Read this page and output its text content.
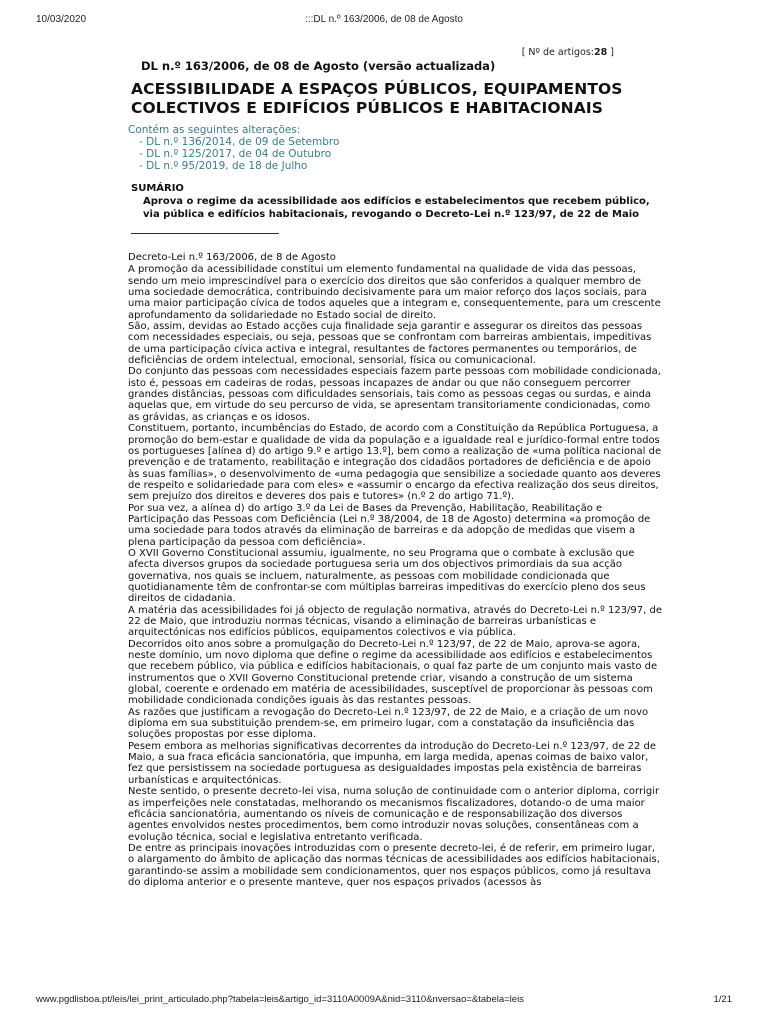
10/03/2020	:::DL n.º 163/2006, de 08 de Agosto
[ Nº de artigos:28 ]
DL n.º 163/2006, de 08 de Agosto (versão actualizada)
ACESSIBILIDADE A ESPAÇOS PÚBLICOS, EQUIPAMENTOS COLECTIVOS E EDIFÍCIOS PÚBLICOS E HABITACIONAIS
Contém as seguintes alterações:
- DL n.º 136/2014, de 09 de Setembro
- DL n.º 125/2017, de 04 de Outubro
- DL n.º 95/2019, de 18 de Julho
SUMÁRIO
Aprova o regime da acessibilidade aos edifícios e estabelecimentos que recebem público, via pública e edifícios habitacionais, revogando o Decreto-Lei n.º 123/97, de 22 de Maio

Decreto-Lei n.º 163/2006, de 8 de Agosto

A promoção da acessibilidade constitui um elemento fundamental na qualidade de vida das pessoas, sendo um meio imprescindível para o exercício dos direitos que são conferidos a qualquer membro de uma sociedade democrática, contribuindo decisivamente para um maior reforço dos laços sociais, para uma maior participação cívica de todos aqueles que a integram e, consequentemente, para um crescente aprofundamento da solidariedade no Estado social de direito.

São, assim, devidas ao Estado acções cuja finalidade seja garantir e assegurar os direitos das pessoas com necessidades especiais, ou seja, pessoas que se confrontam com barreiras ambientais, impeditivas de uma participação cívica activa e integral, resultantes de factores permanentes ou temporários, de deficiências de ordem intelectual, emocional, sensorial, física ou comunicacional.

Do conjunto das pessoas com necessidades especiais fazem parte pessoas com mobilidade condicionada, isto é, pessoas em cadeiras de rodas, pessoas incapazes de andar ou que não conseguem percorrer grandes distâncias, pessoas com dificuldades sensoriais, tais como as pessoas cegas ou surdas, e ainda aquelas que, em virtude do seu percurso de vida, se apresentam transitoriamente condicionadas, como as grávidas, as crianças e os idosos.

Constituem, portanto, incumbências do Estado, de acordo com a Constituição da República Portuguesa, a promoção do bem-estar e qualidade de vida da população e a igualdade real e jurídico-formal entre todos os portugueses [alínea d) do artigo 9.º e artigo 13.º], bem como a realização de «uma política nacional de prevenção e de tratamento, reabilitação e integração dos cidadãos portadores de deficiência e de apoio às suas famílias», o desenvolvimento de «uma pedagogia que sensibilize a sociedade quanto aos deveres de respeito e solidariedade para com eles» e «assumir o encargo da efectiva realização dos seus direitos, sem prejuízo dos direitos e deveres dos pais e tutores» (n.º 2 do artigo 71.º).

Por sua vez, a alínea d) do artigo 3.º da Lei de Bases da Prevenção, Habilitação, Reabilitação e Participação das Pessoas com Deficiência (Lei n.º 38/2004, de 18 de Agosto) determina «a promoção de uma sociedade para todos através da eliminação de barreiras e da adopção de medidas que visem a plena participação da pessoa com deficiência».

O XVII Governo Constitucional assumiu, igualmente, no seu Programa que o combate à exclusão que afecta diversos grupos da sociedade portuguesa seria um dos objectivos primordiais da sua acção governativa, nos quais se incluem, naturalmente, as pessoas com mobilidade condicionada que quotidianamente têm de confrontar-se com múltiplas barreiras impeditivas do exercício pleno dos seus direitos de cidadania.

A matéria das acessibilidades foi já objecto de regulação normativa, através do Decreto-Lei n.º 123/97, de 22 de Maio, que introduziu normas técnicas, visando a eliminação de barreiras urbanísticas e arquitectónicas nos edifícios públicos, equipamentos colectivos e via pública.

Decorridos oito anos sobre a promulgação do Decreto-Lei n.º 123/97, de 22 de Maio, aprova-se agora, neste domínio, um novo diploma que define o regime da acessibilidade aos edifícios e estabelecimentos que recebem público, via pública e edifícios habitacionais, o qual faz parte de um conjunto mais vasto de instrumentos que o XVII Governo Constitucional pretende criar, visando a construção de um sistema global, coerente e ordenado em matéria de acessibilidades, susceptível de proporcionar às pessoas com mobilidade condicionada condições iguais às das restantes pessoas.

As razões que justificam a revogação do Decreto-Lei n.º 123/97, de 22 de Maio, e a criação de um novo diploma em sua substituição prendem-se, em primeiro lugar, com a constatação da insuficiência das soluções propostas por esse diploma.

Pesem embora as melhorias significativas decorrentes da introdução do Decreto-Lei n.º 123/97, de 22 de Maio, a sua fraca eficácia sancionatória, que impunha, em larga medida, apenas coimas de baixo valor, fez que persistissem na sociedade portuguesa as desigualdades impostas pela existência de barreiras urbanísticas e arquitectónicas.

Neste sentido, o presente decreto-lei visa, numa solução de continuidade com o anterior diploma, corrigir as imperfeições nele constatadas, melhorando os mecanismos fiscalizadores, dotando-o de uma maior eficácia sancionatória, aumentando os níveis de comunicação e de responsabilização dos diversos agentes envolvidos nestes procedimentos, bem como introduzir novas soluções, consentâneas com a evolução técnica, social e legislativa entretanto verificada.

De entre as principais inovações introduzidas com o presente decreto-lei, é de referir, em primeiro lugar, o alargamento do âmbito de aplicação das normas técnicas de acessibilidades aos edifícios habitacionais, garantindo-se assim a mobilidade sem condicionamentos, quer nos espaços públicos, como já resultava do diploma anterior e o presente manteve, quer nos espaços privados (acessos às

www.pgdlisboa.pt/leis/lei_print_articulado.php?tabela=leis&artigo_id=3110A0009A&nid=3110&nversao=&tabela=leis	1/21
